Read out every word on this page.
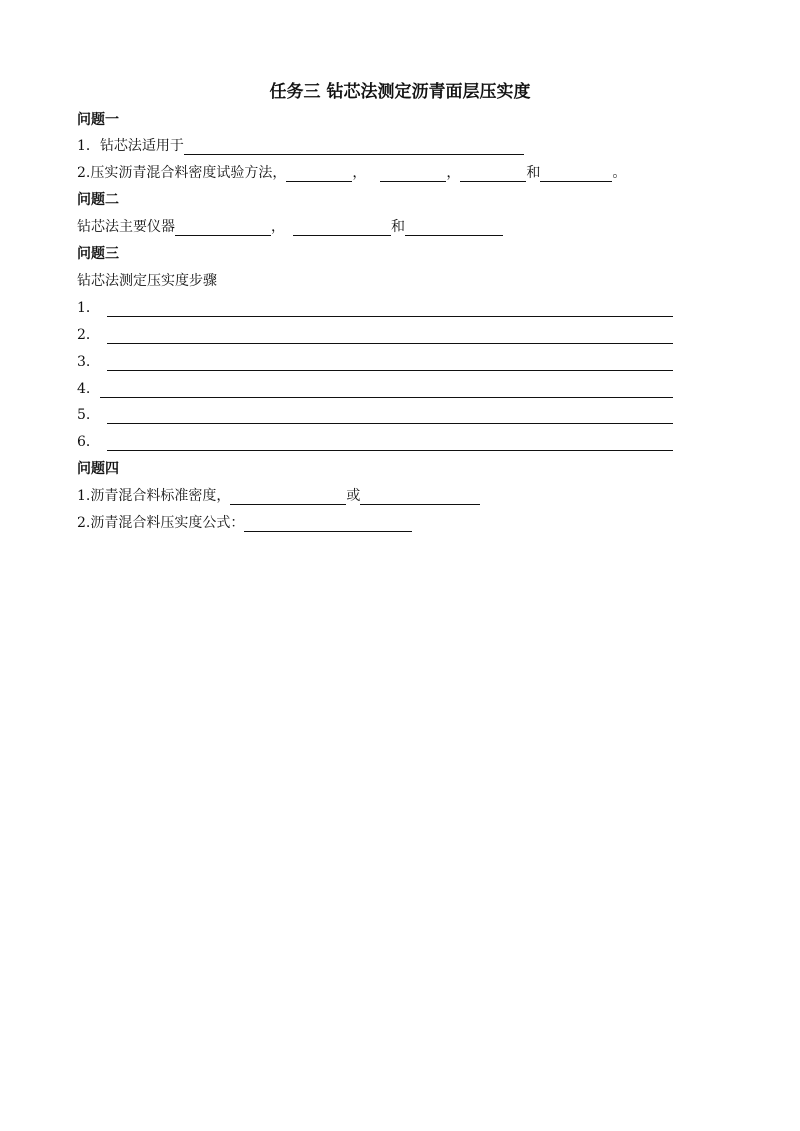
任务三 钻芯法测定沥青面层压实度
问题一
1．钻芯法适用于
2.压实沥青混合料密度试验方法，	，	，	和	。
问题二
钻芯法主要仪器	，	和
问题三
钻芯法测定压实度步骤
1．
2．
3.
4.
5.
6．
问题四
1.沥青混合料标准密度，	或
2.沥青混合料压实度公式：
